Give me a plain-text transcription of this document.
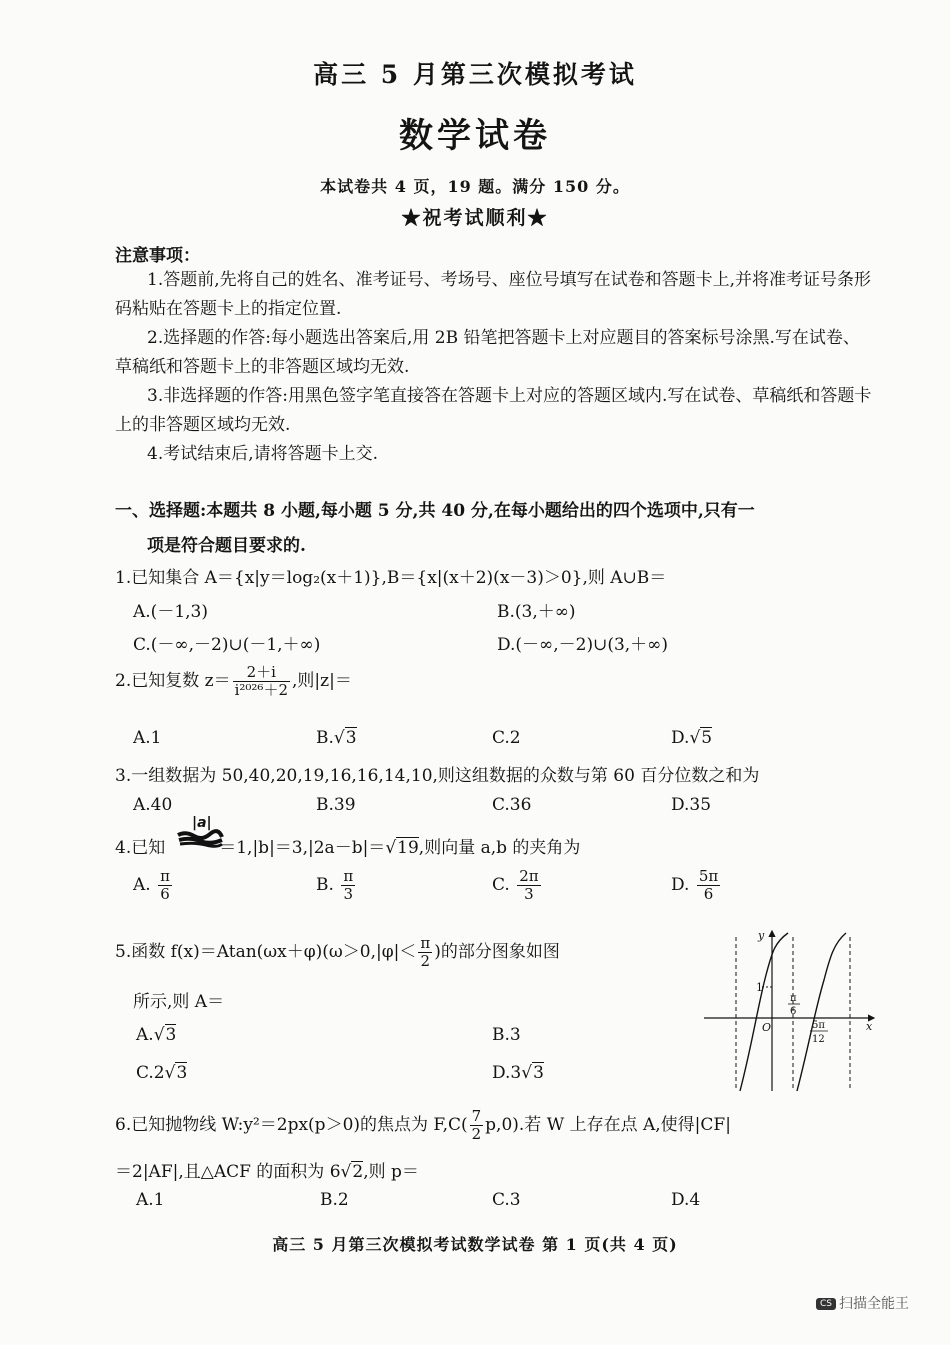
高三 5 月第三次模拟考试
数学试卷
本试卷共 4 页，19 题。满分 150 分。
★祝考试顺利★
注意事项：
1.答题前,先将自己的姓名、准考证号、考场号、座位号填写在试卷和答题卡上,并将准考证号条形码粘贴在答题卡上的指定位置.
2.选择题的作答:每小题选出答案后,用 2B 铅笔把答题卡上对应题目的答案标号涂黑.写在试卷、草稿纸和答题卡上的非答题区域均无效.
3.非选择题的作答:用黑色签字笔直接答在答题卡上对应的答题区域内.写在试卷、草稿纸和答题卡上的非答题区域均无效.
4.考试结束后,请将答题卡上交.
一、选择题:本题共 8 小题,每小题 5 分,共 40 分,在每小题给出的四个选项中,只有一
项是符合题目要求的.
1.已知集合 A＝{x|y＝log₂(x＋1)},B＝{x|(x＋2)(x－3)＞0},则 A∪B＝
A.(－1,3)	B.(3,＋∞)
C.(－∞,－2)∪(－1,＋∞)	D.(－∞,－2)∪(3,＋∞)
2.已知复数 $z= \frac{2+i}{\text{i²⁰²⁶＋2}}$ ,则|z|＝
A.1	B.√3	C.2	D.√5
3.一组数据为 50,40,20,19,16,16,14,10,则这组数据的众数与第 60 百分位数之和为
A.40	B.39	C.36	D.35
|a|
4.已知	＝1,|b|＝3,|2a－b|＝√19,则向量 a,b 的夹角为
A. $\frac{\pi}{6}$	B. $\frac{\pi}{3}$	C. $\frac{2\pi}{3}$	D. $\frac{5\pi}{6}$
5.函数 $f(x)=Atan(\omega x+\varphi)(\omega>0,|\varphi|< \frac{\pi}{2}$ )的部分图象如图
所示,则 A＝
A.√3	B.3
C.2√3	D.3√3
y
x
O
1
π
6
5π
12
6.已知抛物线 W:y²＝2px(p＞0)的焦点为 $F,C( \frac{7}{2} p,0)$.若 W 上存在点 A,使得|CF|
＝2|AF|,且△ACF 的面积为 6√2,则 p＝
A.1	B.2	C.3	D.4
高三 5 月第三次模拟考试数学试卷 第 1 页(共 4 页)
CS 扫描全能王
